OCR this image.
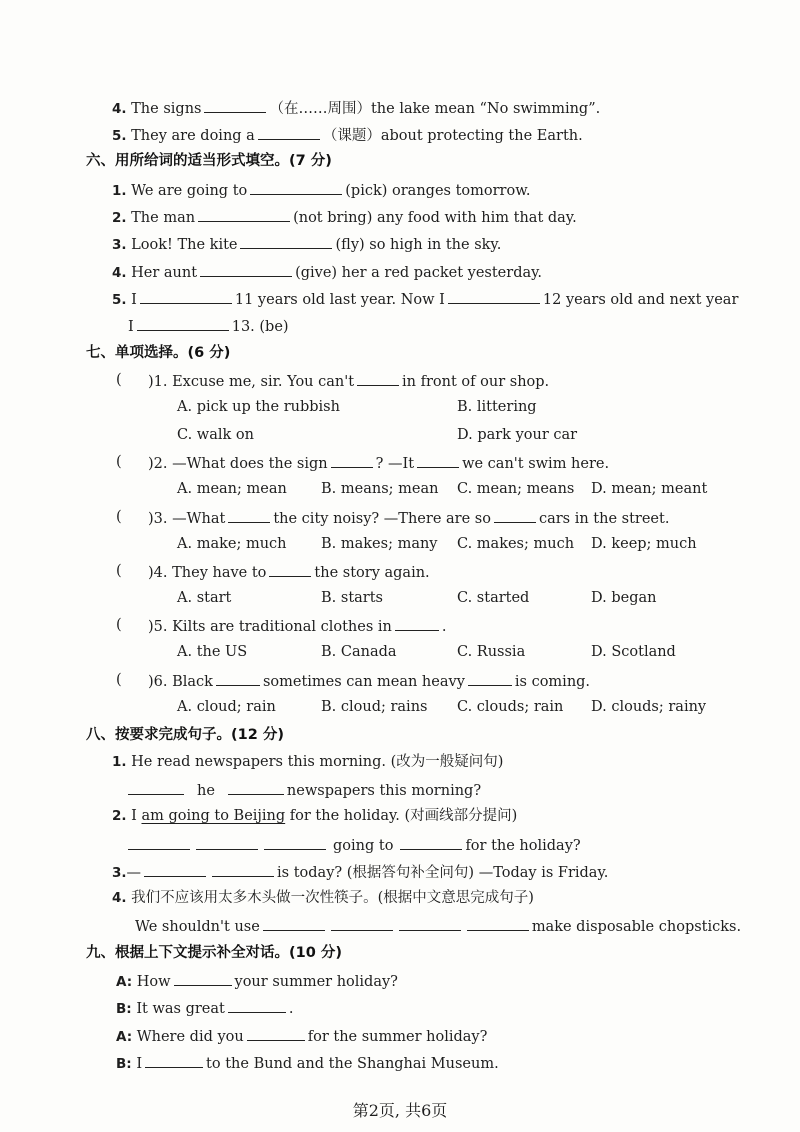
4. The signs	（在……周围）the lake mean “No swimming”.
5. They are doing a	（课题）about protecting the Earth.
六、用所给词的适当形式填空。(7 分)
1. We are going to	(pick) oranges tomorrow.
2. The man	(not bring) any food with him that day.
3. Look! The kite	(fly) so high in the sky.
4. Her aunt	(give) her a red packet yesterday.
5. I	11 years old last year. Now I	12 years old and next year
I	13. (be)
七、单项选择。(6 分)
( )1. Excuse me, sir. You can't	in front of our shop.
A. pick up the rubbish	B. littering
C. walk on	D. park your car
( )2. —What does the sign	? —It	we can't swim here.
A. mean; mean B. means; mean C. mean; means D. mean; meant
( )3. —What	the city noisy? —There are so	cars in the street.
A. make; much B. makes; many C. makes; much D. keep; much
( )4. They have to	the story again.
A. start	B. starts	C. started	D. began
( )5. Kilts are traditional clothes in	.
A. the US	B. Canada	C. Russia	D. Scotland
( )6. Black	sometimes can mean heavy	is coming.
A. cloud; rain	B. cloud; rains C. clouds; rain D. clouds; rainy
八、按要求完成句子。(12 分)
1. He read newspapers this morning. (改为一般疑问句)
he	newspapers this morning?
2. I am going to Beijing for the holiday. (对画线部分提问)
going to	for the holiday?
3.—	is today? (根据答句补全问句) —Today is Friday.
4. 我们不应该用太多木头做一次性筷子。(根据中文意思完成句子)
We shouldn't use	make disposable chopsticks.
九、根据上下文提示补全对话。(10 分)
A: How	your summer holiday?
B: It was great	.
A: Where did you	for the summer holiday?
B: I	to the Bund and the Shanghai Museum.
第2页, 共6页
